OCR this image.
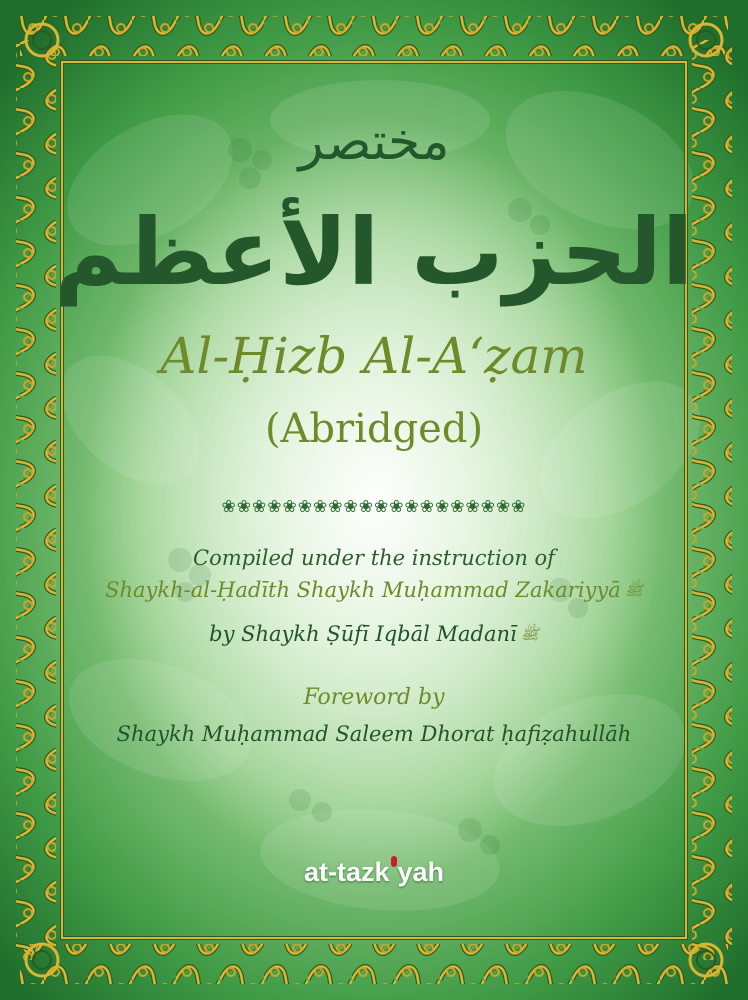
مختصر
الحزب الأعظم
Al-Ḥizb Al-A‘ẓam
(Abridged)
❀❀❀❀❀❀❀❀❀❀❀❀❀❀❀❀❀❀❀❀
Compiled under the instruction of
Shaykh-al-Ḥadīth Shaykh Muḥammad Zakariyyā ﷺ
by Shaykh Ṣūfī Iqbāl Madanī ﷺ
Foreword by
Shaykh Muḥammad Saleem Dhorat ḥafiẓahullāh
at-tazk yah
